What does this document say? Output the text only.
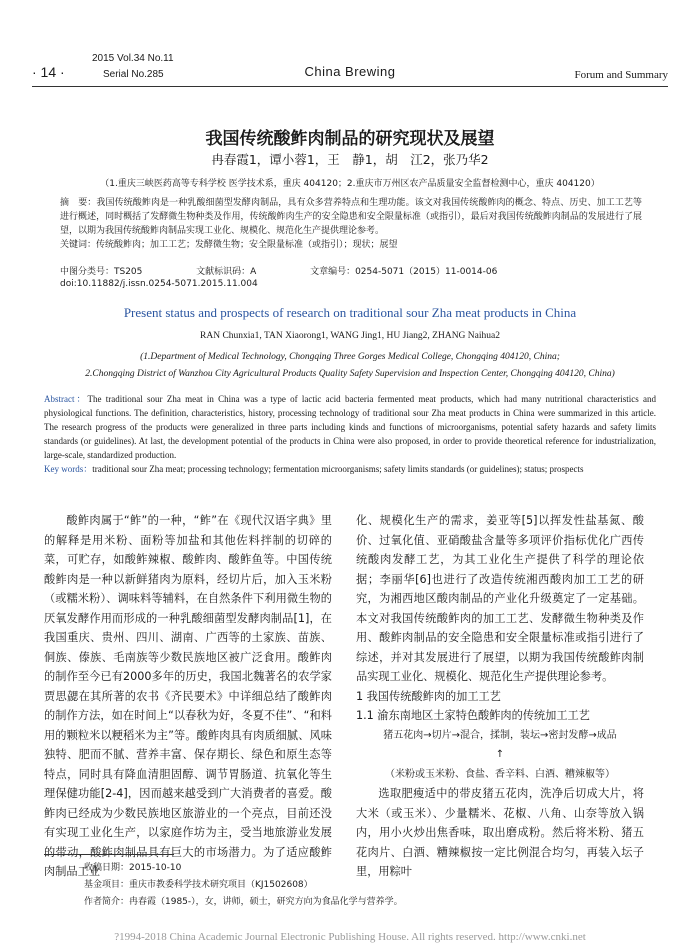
· 14 ·
2015 Vol.34 No.11
Serial No.285	China Brewing	Forum and Summary
我国传统酸鲊肉制品的研究现状及展望
冉春霞1，谭小蓉1，王　静1，胡　江2，张乃华2
（1.重庆三峡医药高等专科学校 医学技术系，重庆 404120；2.重庆市万州区农产品质量安全监督检测中心，重庆 404120）
摘　要：我国传统酸鲊肉是一种乳酸细菌型发酵肉制品，具有众多营养特点和生理功能。该文对我国传统酸鲊肉的概念、特点、历史、加工工艺等进行概述，同时概括了发酵微生物种类及作用，传统酸鲊肉生产的安全隐患和安全限量标准（或指引），最后对我国传统酸鲊肉制品的发展进行了展望，以期为我国传统酸鲊肉制品实现工业化、规模化、规范化生产提供理论参考。
关键词：传统酸鲊肉；加工工艺；发酵微生物；安全限量标准（或指引）；现状；展望
中图分类号：TS205	文献标识码：A	文章编号：0254-5071（2015）11-0014-06
doi:10.11882/j.issn.0254-5071.2015.11.004
Present status and prospects of research on traditional sour Zha meat products in China
RAN Chunxia1, TAN Xiaorong1, WANG Jing1, HU Jiang2, ZHANG Naihua2
(1.Department of Medical Technology, Chongqing Three Gorges Medical College, Chongqing 404120, China;
2.Chongqing District of Wanzhou City Agricultural Products Quality Safety Supervision and Inspection Center, Chongqing 404120, China)
Abstract：The traditional sour Zha meat in China was a type of lactic acid bacteria fermented meat products, which had many nutritional characteristics and physiological functions. The definition, characteristics, history, processing technology of traditional sour Zha meat products in China were summarized in this article. The research progress of the products were generalized in three parts including kinds and functions of microorganisms, potential safety hazards and safety limits standards (or guidelines). At last, the development potential of the products in China were also proposed, in order to provide theoretical reference for industrialization, large-scale, standardized production.
Key words：traditional sour Zha meat; processing technology; fermentation microorganisms; safety limits standards (or guidelines); status; prospects

酸鲊肉属于“鲊”的一种，“鲊”在《现代汉语字典》里的解释是用米粉、面粉等加盐和其他佐料拌制的切碎的菜，可贮存，如酸鲊辣椒、酸鲊肉、酸鲊鱼等。中国传统酸鲊肉是一种以新鲜猪肉为原料，经切片后，加入玉米粉（或糯米粉）、调味料等辅料，在自然条件下利用微生物的厌氧发酵作用而形成的一种乳酸细菌型发酵肉制品[1]，在我国重庆、贵州、四川、湖南、广西等的土家族、苗族、侗族、傣族、毛南族等少数民族地区被广泛食用。酸鲊肉的制作至今已有2000多年的历史，我国北魏著名的农学家贾思勰在其所著的农书《齐民要术》中详细总结了酸鲊肉的制作方法，如在时间上“以春秋为好，冬夏不佳”、“和料用的颗粒米以粳稻米为主”等。酸鲊肉具有肉质细腻、风味独特、肥而不腻、营养丰富、保存期长、绿色和原生态等特点，同时具有降血清胆固醇、调节胃肠道、抗氧化等生理保健功能[2-4]，因而越来越受到广大消费者的喜爱。酸鲊肉已经成为少数民族地区旅游业的一个亮点，目前还没有实现工业化生产，以家庭作坊为主，受当地旅游业发展的带动，酸鲊肉制品具有巨大的市场潜力。为了适应酸鲊肉制品工业

化、规模化生产的需求，姜亚等[5]以挥发性盐基氮、酸价、过氧化值、亚硝酸盐含量等多项评价指标优化广西传统酸肉发酵工艺，为其工业化生产提供了科学的理论依据；李丽华[6]也进行了改造传统湘西酸肉加工工艺的研究，为湘西地区酸肉制品的产业化升级奠定了一定基础。本文对我国传统酸鲊肉的加工工艺、发酵微生物种类及作用、酸鲊肉制品的安全隐患和安全限量标准或指引进行了综述，并对其发展进行了展望，以期为我国传统酸鲊肉制品实现工业化、规模化、规范化生产提供理论参考。

1 我国传统酸鲊肉的加工工艺

1.1 渝东南地区土家特色酸鲊肉的传统加工工艺

猪五花肉→切片→混合，揉制，装坛→密封发酵→成品

↑

（米粉或玉米粉、食盐、香辛料、白酒、糟辣椒等）

选取肥瘦适中的带皮猪五花肉，洗净后切成大片，将大米（或玉米）、少量糯米、花椒、八角、山奈等放入锅内，用小火炒出焦香味，取出磨成粉。然后将米粉、猪五花肉片、白酒、糟辣椒按一定比例混合均匀，再装入坛子里，用粽叶

收稿日期：2015-10-10
基金项目：重庆市教委科学技术研究项目（KJ1502608）
作者简介：冉春霞（1985-），女，讲师，硕士，研究方向为食品化学与营养学。
?1994-2018 China Academic Journal Electronic Publishing House. All rights reserved. http://www.cnki.net
